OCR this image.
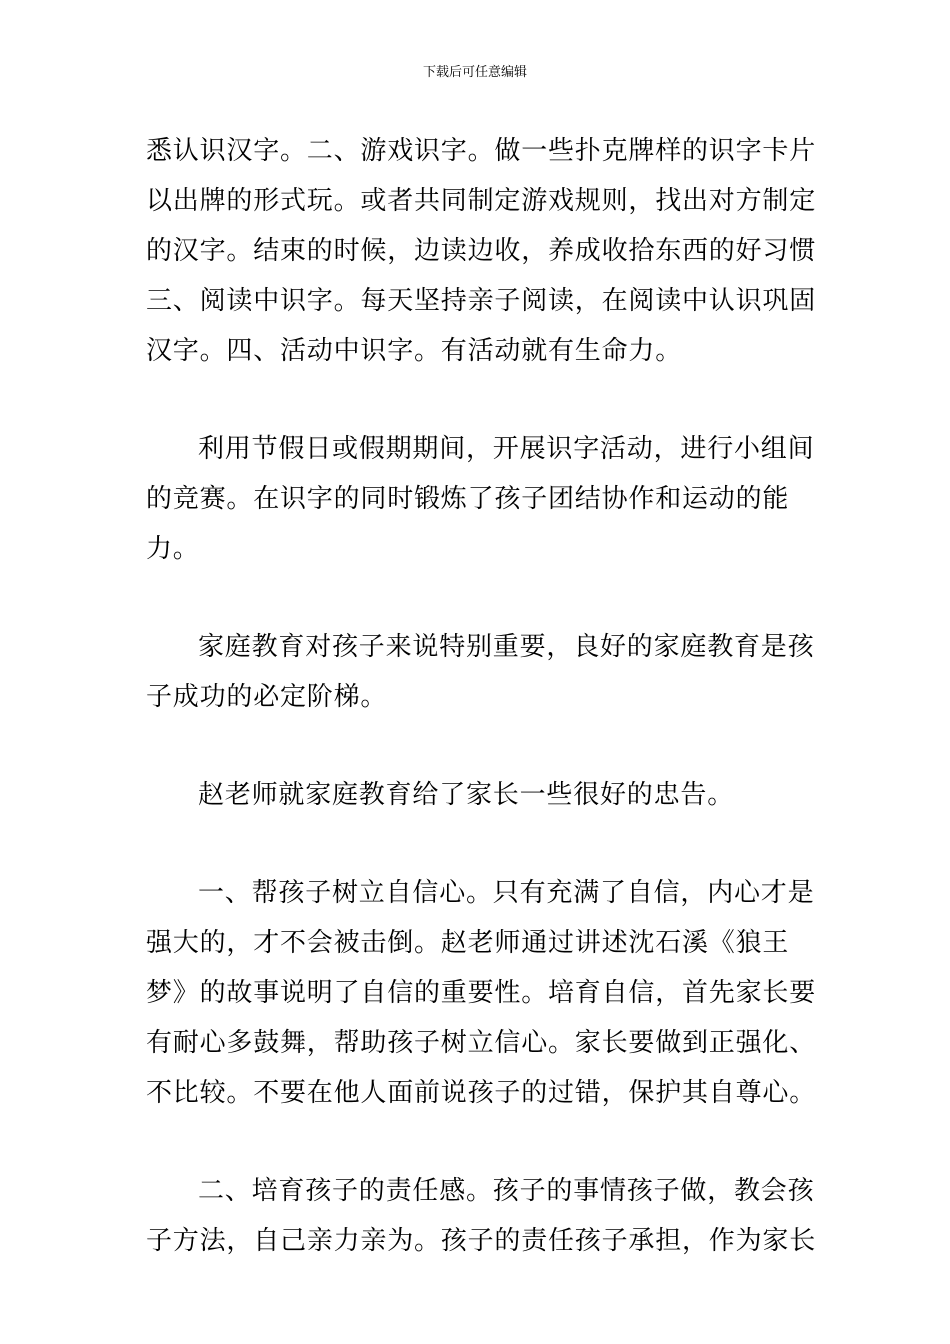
下载后可任意编辑

悉认识汉字。二、游戏识字。做一些扑克牌样的识字卡片以出牌的形式玩。或者共同制定游戏规则，找出对方制定的汉字。结束的时候，边读边收，养成收拾东西的好习惯三、阅读中识字。每天坚持亲子阅读，在阅读中认识巩固汉字。四、活动中识字。有活动就有生命力。

利用节假日或假期期间，开展识字活动，进行小组间的竞赛。在识字的同时锻炼了孩子团结协作和运动的能力。

家庭教育对孩子来说特别重要，良好的家庭教育是孩子成功的必定阶梯。

赵老师就家庭教育给了家长一些很好的忠告。

一、帮孩子树立自信心。只有充满了自信，内心才是强大的，才不会被击倒。赵老师通过讲述沈石溪《狼王梦》的故事说明了自信的重要性。培育自信，首先家长要有耐心多鼓舞，帮助孩子树立信心。家长要做到正强化、不比较。不要在他人面前说孩子的过错，保护其自尊心。

二、培育孩子的责任感。孩子的事情孩子做，教会孩子方法，自己亲力亲为。孩子的责任孩子承担，作为家长
